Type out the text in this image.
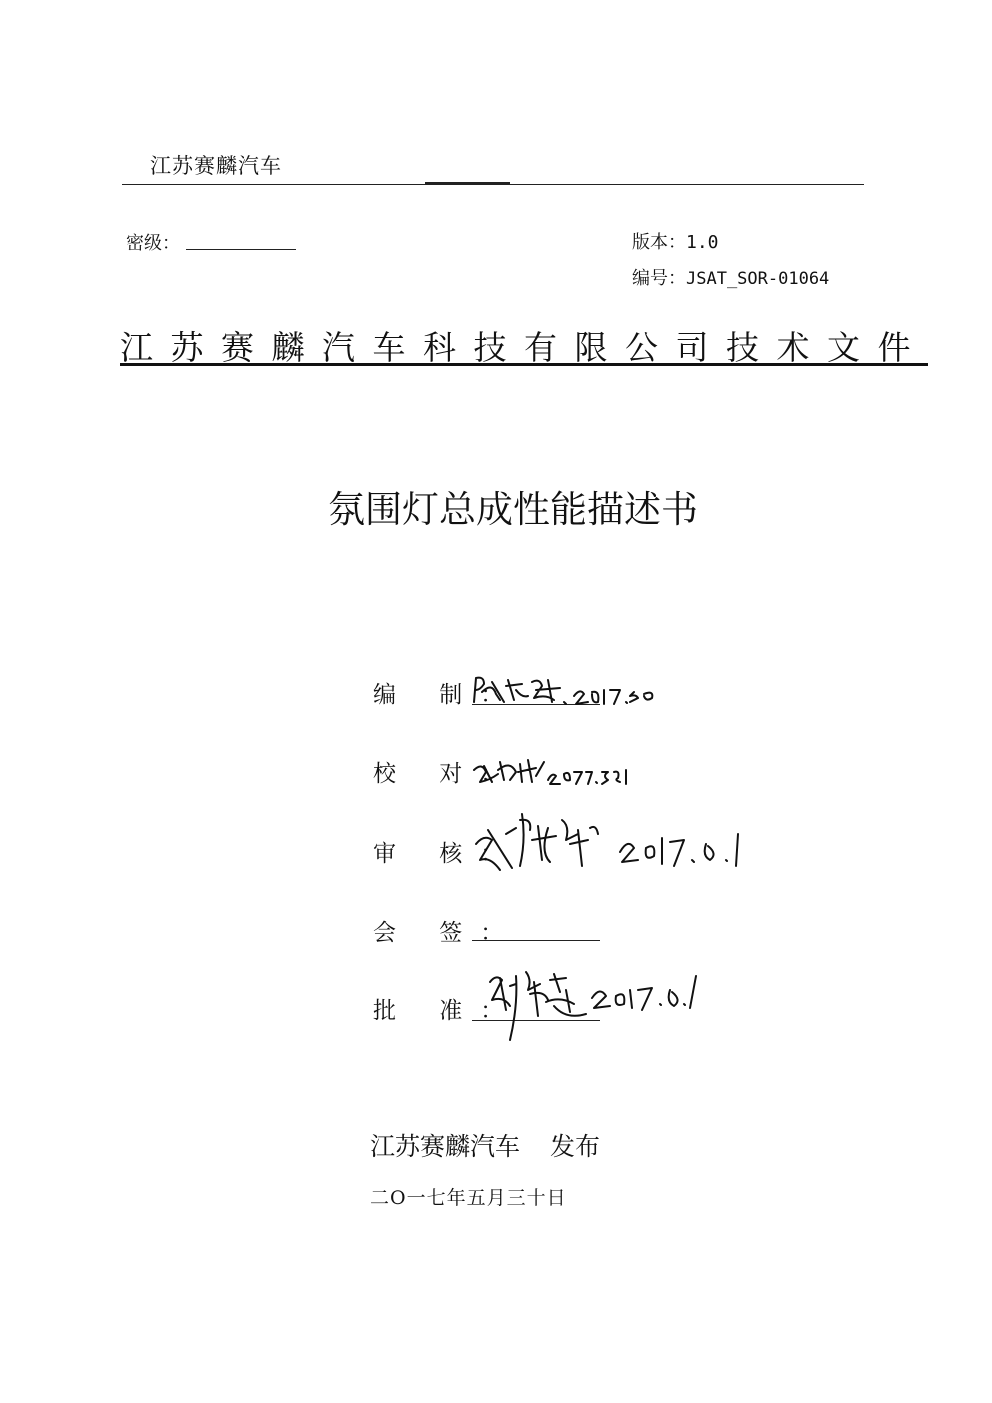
江苏赛麟汽车
密级：	版本：1.0
编号：JSAT_SOR-01064
江苏赛麟汽车科技有限公司技术文件
氛围灯总成性能描述书
编 制：
校 对：
审 核：
会 签：
批 准：
江苏赛麟汽车 发布
二O一七年五月三十日
